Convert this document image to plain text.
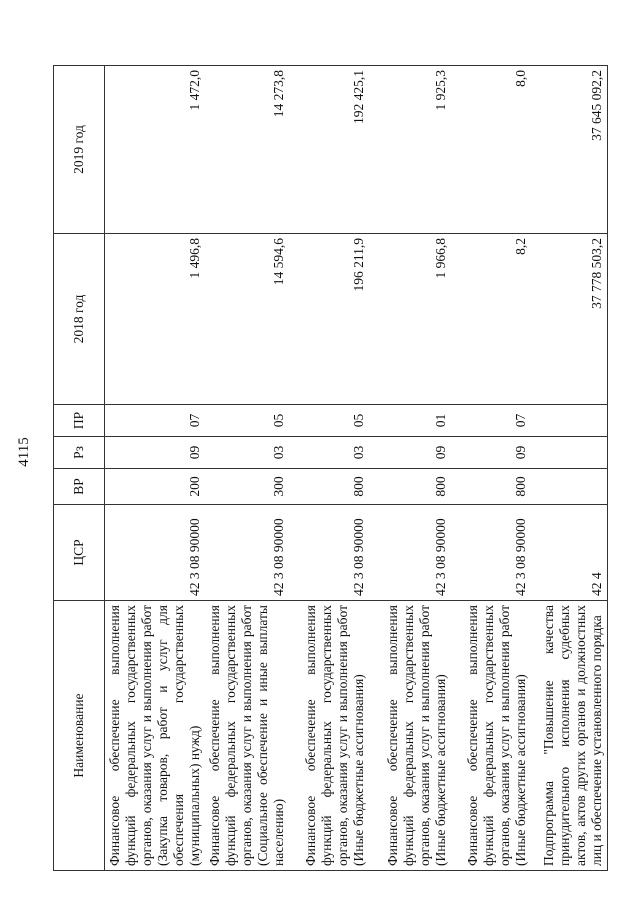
4115
Наименование	ЦСР	ВР	Рз	ПР	2018 год	2019 год
Финансовое обеспечение выполнения функций федеральных государственных органов, оказания услуг и выполнения работ (Закупка товаров, работ и услуг для обеспечения государственных (муниципальных) нужд)	42 3 08 90000	200	09	07	1 496,8	1 472,0
Финансовое обеспечение выполнения функций федеральных государственных органов, оказания услуг и выполнения работ (Социальное обеспечение и иные выплаты населению)	42 3 08 90000	300	03	05	14 594,6	14 273,8
Финансовое обеспечение выполнения функций федеральных государственных органов, оказания услуг и выполнения работ (Иные бюджетные ассигнования)	42 3 08 90000	800	03	05	196 211,9	192 425,1
Финансовое обеспечение выполнения функций федеральных государственных органов, оказания услуг и выполнения работ (Иные бюджетные ассигнования)	42 3 08 90000	800	09	01	1 966,8	1 925,3
Финансовое обеспечение выполнения функций федеральных государственных органов, оказания услуг и выполнения работ (Иные бюджетные ассигнования)	42 3 08 90000	800	09	07	8,2	8,0
Подпрограмма "Повышение качества принудительного исполнения судебных актов, актов других органов и должностных лиц и обеспечение установленного порядка	42 4				37 778 503,2	37 645 092,2
